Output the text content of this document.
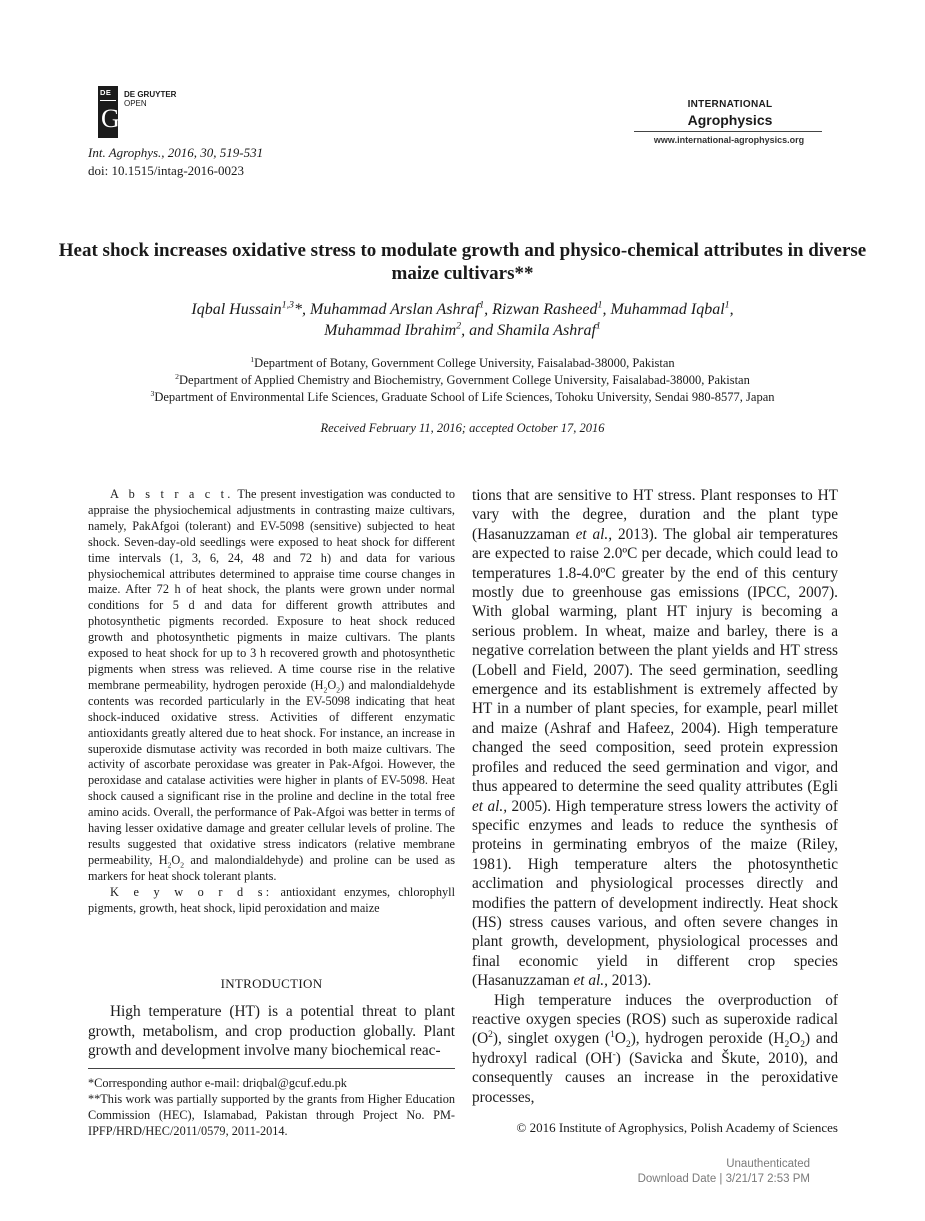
DE
G
DE GRUYTER
OPEN	INTERNATIONAL
Agrophysics
www.international-agrophysics.org
Int. Agrophys., 2016, 30, 519-531
doi: 10.1515/intag-2016-0023
Heat shock increases oxidative stress to modulate growth and physico-chemical attributes in diverse maize cultivars**
Iqbal Hussain$^{1,3}$*, Muhammad Arslan Ashraf$^1$, Rizwan Rasheed$^1$, Muhammad Iqbal$^1$,
Muhammad Ibrahim$^2$, and Shamila Ashraf$^1$
$^1$Department of Botany, Government College University, Faisalabad-38000, Pakistan
$^2$Department of Applied Chemistry and Biochemistry, Government College University, Faisalabad-38000, Pakistan
$^3$Department of Environmental Life Sciences, Graduate School of Life Sciences, Tohoku University, Sendai 980-8577, Japan
Received February 11, 2016; accepted October 17, 2016

A b s t r a c t. The present investigation was conducted to appraise the physiochemical adjustments in contrasting maize cultivars, namely, PakAfgoi (tolerant) and EV-5098 (sensitive) subjected to heat shock. Seven-day-old seedlings were exposed to heat shock for different time intervals (1, 3, 6, 24, 48 and 72 h) and data for various physiochemical attributes determined to appraise time course changes in maize. After 72 h of heat shock, the plants were grown under normal conditions for 5 d and data for different growth attributes and photosynthetic pigments recorded. Exposure to heat shock reduced growth and photosynthetic pigments in maize cultivars. The plants exposed to heat shock for up to 3 h recovered growth and photosynthetic pigments when stress was relieved. A time course rise in the relative membrane permeability, hydrogen peroxide $(H_2O_2)$ and malondialdehyde contents was recorded particularly in the EV-5098 indicating that heat shock-induced oxidative stress. Activities of different enzymatic antioxidants greatly altered due to heat shock. For instance, an increase in superoxide dismutase activity was recorded in both maize cultivars. The activity of ascorbate peroxidase was greater in Pak-Afgoi. However, the peroxidase and catalase activities were higher in plants of EV-5098. Heat shock caused a significant rise in the proline and decline in the total free amino acids. Overall, the performance of Pak-Afgoi was better in terms of having lesser oxidative damage and greater cellular levels of proline. The results suggested that oxidative stress indicators (relative membrane permeability, $H_2O_2$ and malondialdehyde) and proline can be used as markers for heat shock tolerant plants.

K e y w o r d s: antioxidant enzymes, chlorophyll pigments, growth, heat shock, lipid peroxidation and maize

INTRODUCTION

High temperature (HT) is a potential threat to plant growth, metabolism, and crop production globally. Plant growth and development involve many biochemical reac-

*Corresponding author e-mail: driqbal@gcuf.edu.pk

**This work was partially supported by the grants from Higher Education Commission (HEC), Islamabad, Pakistan through Project No. PM-IPFP/HRD/HEC/2011/0579, 2011-2014.

tions that are sensitive to HT stress. Plant responses to HT vary with the degree, duration and the plant type (Hasanuzzaman et al., 2013). The global air temperatures are expected to raise 2.0ºC per decade, which could lead to temperatures 1.8-4.0ºC greater by the end of this century mostly due to greenhouse gas emissions (IPCC, 2007). With global warming, plant HT injury is becoming a serious problem. In wheat, maize and barley, there is a negative correlation between the plant yields and HT stress (Lobell and Field, 2007). The seed germination, seedling emergence and its establishment is extremely affected by HT in a number of plant species, for example, pearl millet and maize (Ashraf and Hafeez, 2004). High temperature changed the seed composition, seed protein expression profiles and reduced the seed germination and vigor, and thus appeared to determine the seed quality attributes (Egli et al., 2005). High temperature stress lowers the activity of specific enzymes and leads to reduce the synthesis of proteins in germinating embryos of the maize (Riley, 1981). High temperature alters the photosynthetic acclimation and physiological processes directly and modifies the pattern of development indirectly. Heat shock (HS) stress causes various, and often severe changes in plant growth, development, physiological processes and final economic yield in different crop species (Hasanuzzaman et al., 2013).

High temperature induces the overproduction of reactive oxygen species (ROS) such as superoxide radical $(O^2)$, singlet oxygen $(^1O_2)$, hydrogen peroxide $(H_2O_2)$ and hydroxyl radical (OH-) (Savicka and Škute, 2010), and consequently causes an increase in the peroxidative processes,

© 2016 Institute of Agrophysics, Polish Academy of Sciences
Unauthenticated
Download Date | 3/21/17 2:53 PM
